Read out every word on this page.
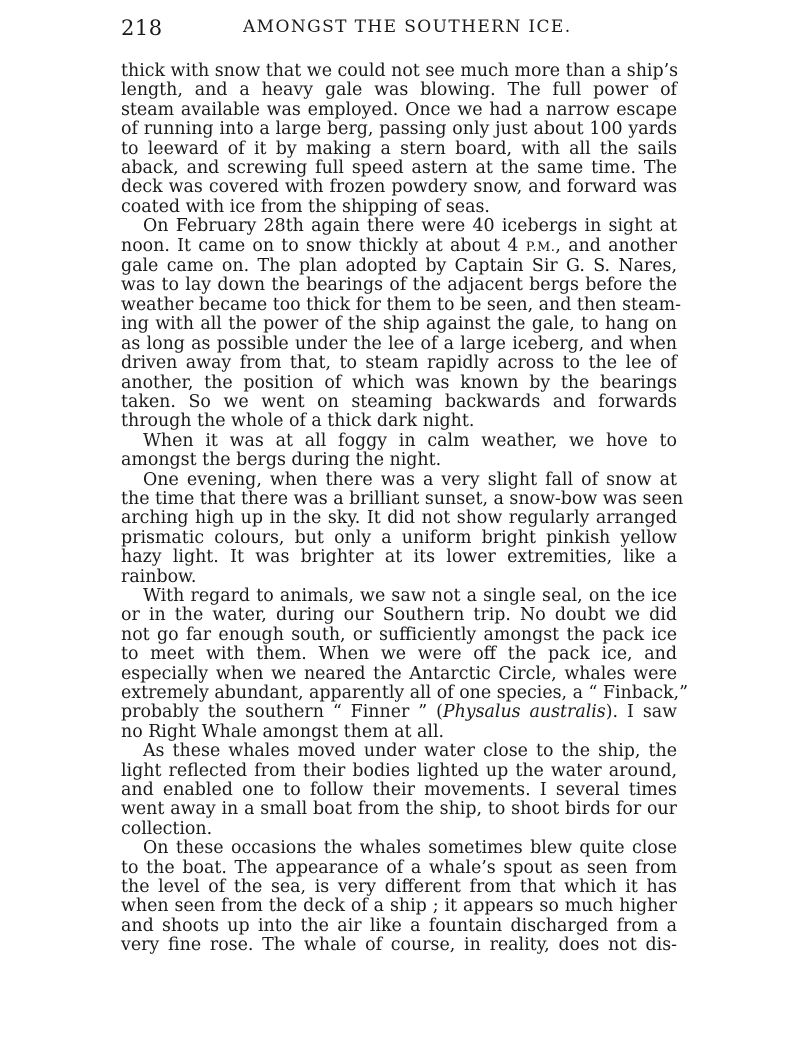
218	AMONGST THE SOUTHERN ICE.
thick with snow that we could not see much more than a ship’s
length, and a heavy gale was blowing. The full power of
steam available was employed. Once we had a narrow escape
of running into a large berg, passing only just about 100 yards
to leeward of it by making a stern board, with all the sails
aback, and screwing full speed astern at the same time. The
deck was covered with frozen powdery snow, and forward was
coated with ice from the shipping of seas.
On February 28th again there were 40 icebergs in sight at
noon. It came on to snow thickly at about 4 P.M., and another
gale came on. The plan adopted by Captain Sir G. S. Nares,
was to lay down the bearings of the adjacent bergs before the
weather became too thick for them to be seen, and then steam-
ing with all the power of the ship against the gale, to hang on
as long as possible under the lee of a large iceberg, and when
driven away from that, to steam rapidly across to the lee of
another, the position of which was known by the bearings
taken. So we went on steaming backwards and forwards
through the whole of a thick dark night.
When it was at all foggy in calm weather, we hove to
amongst the bergs during the night.
One evening, when there was a very slight fall of snow at
the time that there was a brilliant sunset, a snow-bow was seen
arching high up in the sky. It did not show regularly arranged
prismatic colours, but only a uniform bright pinkish yellow
hazy light. It was brighter at its lower extremities, like a
rainbow.
With regard to animals, we saw not a single seal, on the ice
or in the water, during our Southern trip. No doubt we did
not go far enough south, or sufficiently amongst the pack ice
to meet with them. When we were off the pack ice, and
especially when we neared the Antarctic Circle, whales were
extremely abundant, apparently all of one species, a “ Finback,”
probably the southern “ Finner ” (Physalus australis). I saw
no Right Whale amongst them at all.
As these whales moved under water close to the ship, the
light reflected from their bodies lighted up the water around,
and enabled one to follow their movements. I several times
went away in a small boat from the ship, to shoot birds for our
collection.
On these occasions the whales sometimes blew quite close
to the boat. The appearance of a whale’s spout as seen from
the level of the sea, is very different from that which it has
when seen from the deck of a ship ; it appears so much higher
and shoots up into the air like a fountain discharged from a
very fine rose. The whale of course, in reality, does not dis-
